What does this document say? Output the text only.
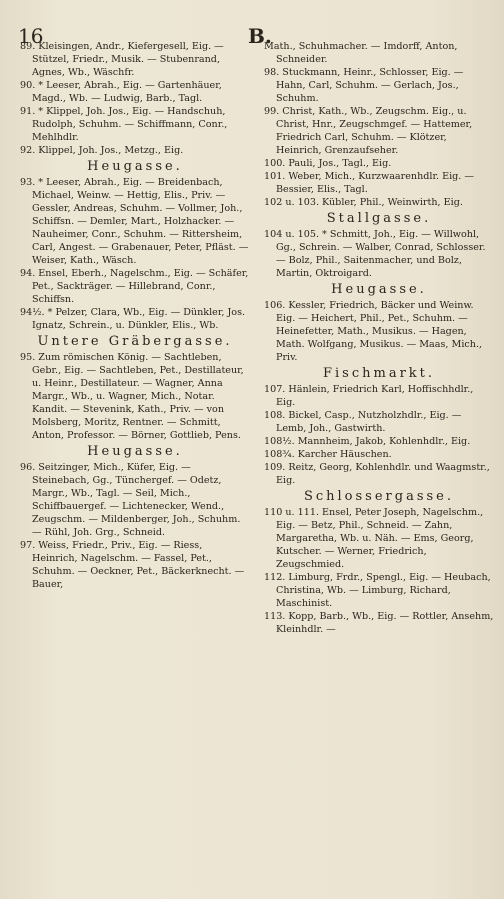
16	B.

89. Kleisingen, Andr., Kiefergesell, Eig. — Stützel, Friedr., Musik. — Stubenrand, Agnes, Wb., Wäschfr.

90. * Leeser, Abrah., Eig. — Gartenhäuer, Magd., Wb. — Ludwig, Barb., Tagl.

91. * Klippel, Joh. Jos., Eig. — Handschuh, Rudolph, Schuhm. — Schiffmann, Conr., Mehlhdlr.

92. Klippel, Joh. Jos., Metzg., Eig.

Heugasse.

93. * Leeser, Abrah., Eig. — Breidenbach, Michael, Weinw. — Hettig, Elis., Priv. — Gessler, Andreas, Schuhm. — Vollmer, Joh., Schiffsn. — Demler, Mart., Holzhacker. — Nauheimer, Conr., Schuhm. — Rittersheim, Carl, Angest. — Grabenauer, Peter, Pfläst. — Weiser, Kath., Wäsch.

94. Ensel, Eberh., Nagelschm., Eig. — Schäfer, Pet., Sackträger. — Hillebrand, Conr., Schiffsn.

94½. * Pelzer, Clara, Wb., Eig. — Dünkler, Jos. Ignatz, Schrein., u. Dünkler, Elis., Wb.

Untere Gräbergasse.

95. Zum römischen König. — Sachtleben, Gebr., Eig. — Sachtleben, Pet., Destillateur, u. Heinr., Destillateur. — Wagner, Anna Margr., Wb., u. Wagner, Mich., Notar. Kandit. — Stevenink, Kath., Priv. — von Molsberg, Moritz, Rentner. — Schmitt, Anton, Professor. — Börner, Gottlieb, Pens.

Heugasse.

96. Seitzinger, Mich., Küfer, Eig. — Steinebach, Gg., Tünchergef. — Odetz, Margr., Wb., Tagl. — Seil, Mich., Schiffbauergef. — Lichtenecker, Wend., Zeugschm. — Mildenberger, Joh., Schuhm. — Rühl, Joh. Grg., Schneid.

97. Weiss, Friedr., Priv., Eig. — Riess, Heinrich, Nagelschm. — Fassel, Pet., Schuhm. — Oeckner, Pet., Bäckerknecht. — Bauer,

Math., Schuhmacher. — Imdorff, Anton, Schneider.

98. Stuckmann, Heinr., Schlosser, Eig. — Hahn, Carl, Schuhm. — Gerlach, Jos., Schuhm.

99. Christ, Kath., Wb., Zeugschm. Eig., u. Christ, Hnr., Zeugschmgef. — Hattemer, Friedrich Carl, Schuhm. — Klötzer, Heinrich, Grenzaufseher.

100. Pauli, Jos., Tagl., Eig.

101. Weber, Mich., Kurzwaarenhdlr. Eig. — Bessier, Elis., Tagl.

102 u. 103. Kübler, Phil., Weinwirth, Eig.

Stallgasse.

104 u. 105. * Schmitt, Joh., Eig. — Willwohl, Gg., Schrein. — Walber, Conrad, Schlosser. — Bolz, Phil., Saitenmacher, und Bolz, Martin, Oktroigard.

Heugasse.

106. Kessler, Friedrich, Bäcker und Weinw. Eig. — Heichert, Phil., Pet., Schuhm. — Heinefetter, Math., Musikus. — Hagen, Math. Wolfgang, Musikus. — Maas, Mich., Priv.

Fischmarkt.

107. Hänlein, Friedrich Karl, Hoffischhdlr., Eig.

108. Bickel, Casp., Nutzholzhdlr., Eig. — Lemb, Joh., Gastwirth.

108½. Mannheim, Jakob, Kohlenhdlr., Eig.

108¾. Karcher Häuschen.

109. Reitz, Georg, Kohlenhdlr. und Waagmstr., Eig.

Schlossergasse.

110 u. 111. Ensel, Peter Joseph, Nagelschm., Eig. — Betz, Phil., Schneid. — Zahn, Margaretha, Wb. u. Näh. — Ems, Georg, Kutscher. — Werner, Friedrich, Zeugschmied.

112. Limburg, Frdr., Spengl., Eig. — Heubach, Christina, Wb. — Limburg, Richard, Maschinist.

113. Kopp, Barb., Wb., Eig. — Rottler, Ansehm, Kleinhdlr. —
